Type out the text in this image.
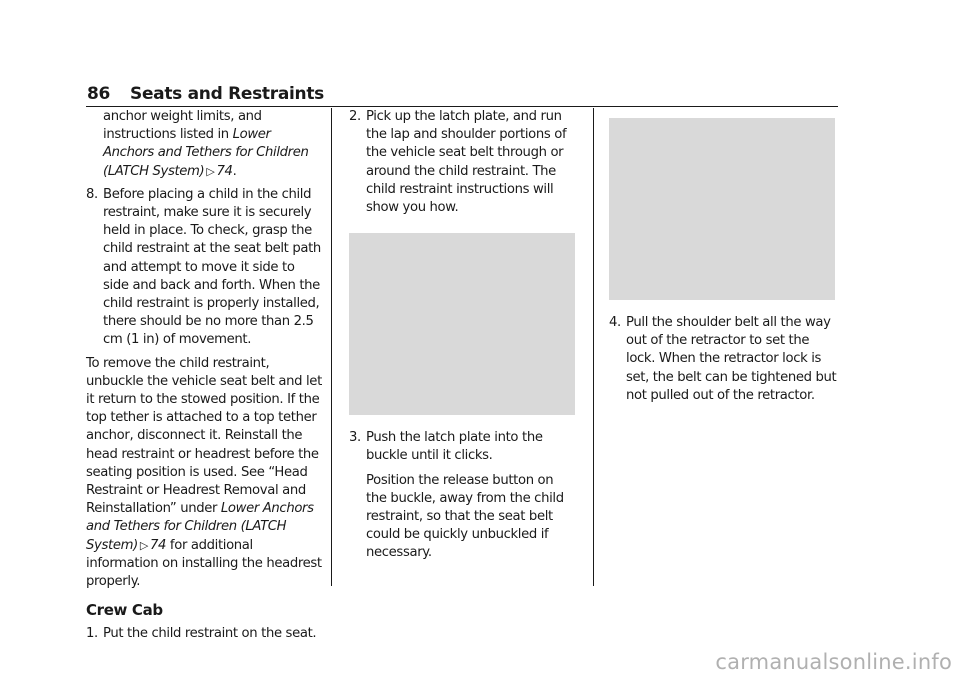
86 Seats and Restraints

anchor weight limits, and instructions listed in Lower Anchors and Tethers for Children (LATCH System) ▷ 74.

8. Before placing a child in the child restraint, make sure it is securely held in place. To check, grasp the child restraint at the seat belt path and attempt to move it side to side and back and forth. When the child restraint is properly installed, there should be no more than 2.5 cm (1 in) of movement.

To remove the child restraint, unbuckle the vehicle seat belt and let it return to the stowed position. If the top tether is attached to a top tether anchor, disconnect it. Reinstall the head restraint or headrest before the seating position is used. See “Head Restraint or Headrest Removal and Reinstallation” under Lower Anchors and Tethers for Children (LATCH System) ▷ 74 for additional information on installing the headrest properly.

Crew Cab

1. Put the child restraint on the seat.

2. Pick up the latch plate, and run the lap and shoulder portions of the vehicle seat belt through or around the child restraint. The child restraint instructions will show you how.

3. Push the latch plate into the buckle until it clicks.

Position the release button on the buckle, away from the child restraint, so that the seat belt could be quickly unbuckled if necessary.

4. Pull the shoulder belt all the way out of the retractor to set the lock. When the retractor lock is set, the belt can be tightened but not pulled out of the retractor.

carmanualsonline.info
